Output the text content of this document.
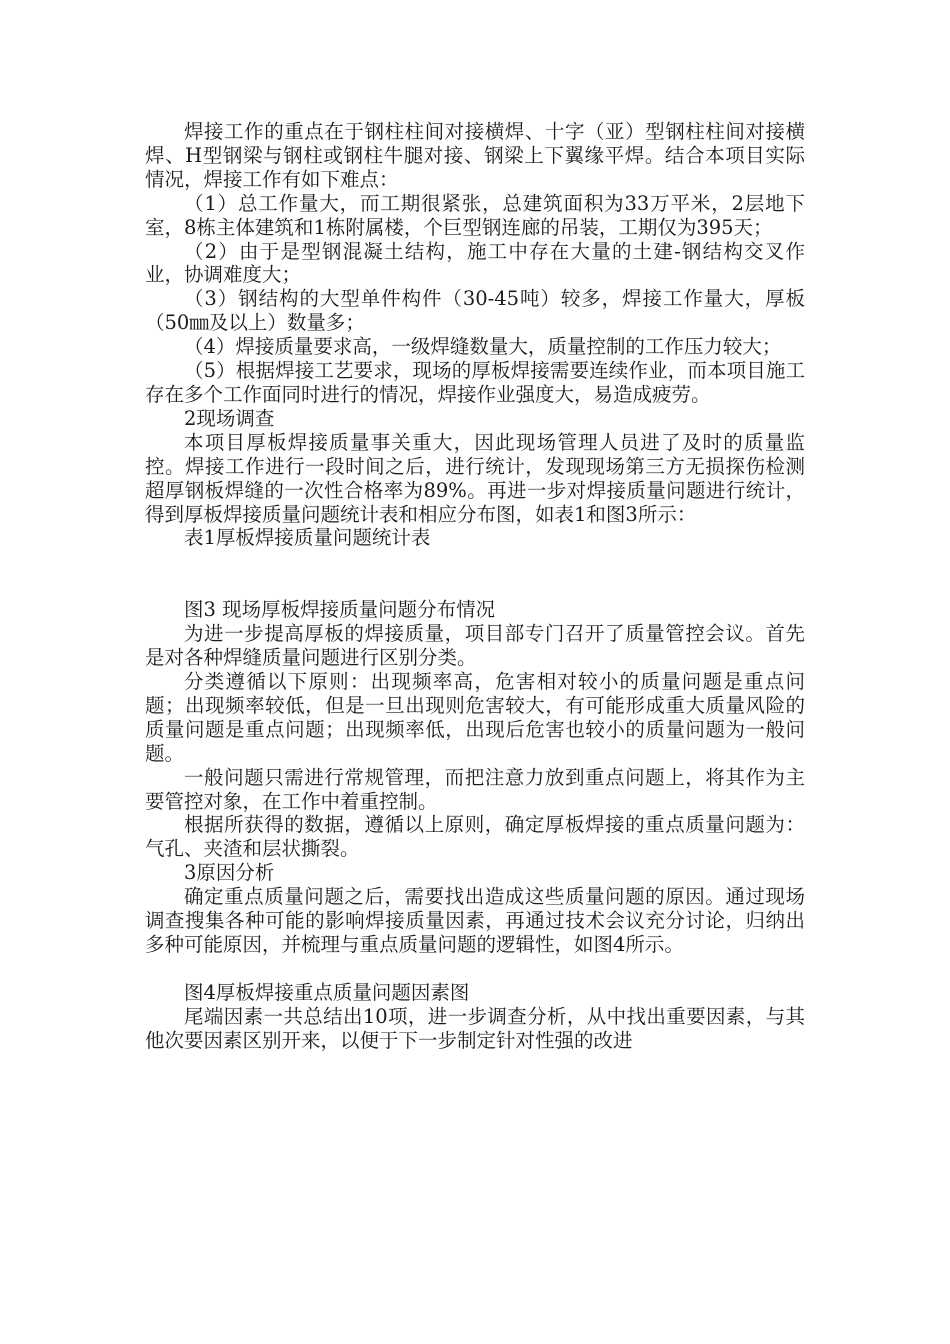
焊接工作的重点在于钢柱柱间对接横焊、十字（亚）型钢柱柱间对接横焊、H型钢梁与钢柱或钢柱牛腿对接、钢梁上下翼缘平焊。结合本项目实际情况，焊接工作有如下难点：

（1）总工作量大，而工期很紧张，总建筑面积为33万平米，2层地下室，8栋主体建筑和1栋附属楼，个巨型钢连廊的吊装，工期仅为395天；

（2）由于是型钢混凝土结构，施工中存在大量的土建-钢结构交叉作业，协调难度大；

（3）钢结构的大型单件构件（30-45吨）较多，焊接工作量大，厚板（50㎜及以上）数量多；

（4）焊接质量要求高，一级焊缝数量大，质量控制的工作压力较大；

（5）根据焊接工艺要求，现场的厚板焊接需要连续作业，而本项目施工存在多个工作面同时进行的情况，焊接作业强度大，易造成疲劳。

2现场调查

本项目厚板焊接质量事关重大，因此现场管理人员进了及时的质量监控。焊接工作进行一段时间之后，进行统计，发现现场第三方无损探伤检测超厚钢板焊缝的一次性合格率为89%。再进一步对焊接质量问题进行统计，得到厚板焊接质量问题统计表和相应分布图，如表1和图3所示：

表1厚板焊接质量问题统计表

图3 现场厚板焊接质量问题分布情况

为进一步提高厚板的焊接质量，项目部专门召开了质量管控会议。首先是对各种焊缝质量问题进行区别分类。

分类遵循以下原则：出现频率高，危害相对较小的质量问题是重点问题；出现频率较低，但是一旦出现则危害较大，有可能形成重大质量风险的质量问题是重点问题；出现频率低，出现后危害也较小的质量问题为一般问题。

一般问题只需进行常规管理，而把注意力放到重点问题上，将其作为主要管控对象，在工作中着重控制。

根据所获得的数据，遵循以上原则，确定厚板焊接的重点质量问题为：气孔、夹渣和层状撕裂。

3原因分析

确定重点质量问题之后，需要找出造成这些质量问题的原因。通过现场调查搜集各种可能的影响焊接质量因素，再通过技术会议充分讨论，归纳出多种可能原因，并梳理与重点质量问题的逻辑性，如图4所示。

图4厚板焊接重点质量问题因素图

尾端因素一共总结出10项，进一步调查分析，从中找出重要因素，与其他次要因素区别开来，以便于下一步制定针对性强的改进
